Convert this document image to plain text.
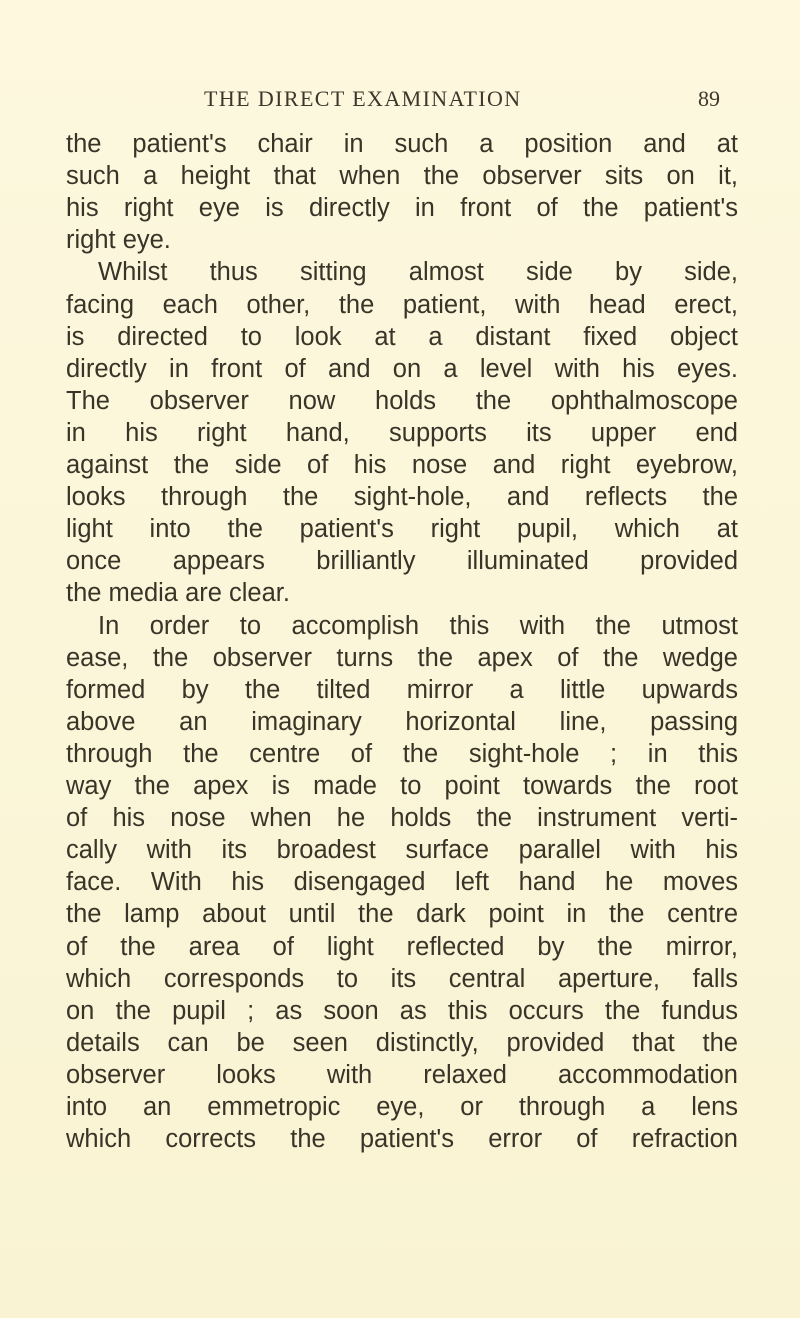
THE DIRECT EXAMINATION	89
the patient's chair in such a position and at
such a height that when the observer sits on it,
his right eye is directly in front of the patient's
right eye.
Whilst thus sitting almost side by side,
facing each other, the patient, with head erect,
is directed to look at a distant fixed object
directly in front of and on a level with his eyes.
The observer now holds the ophthalmoscope
in his right hand, supports its upper end
against the side of his nose and right eyebrow,
looks through the sight-hole, and reflects the
light into the patient's right pupil, which at
once appears brilliantly illuminated provided
the media are clear.
In order to accomplish this with the utmost
ease, the observer turns the apex of the wedge
formed by the tilted mirror a little upwards
above an imaginary horizontal line, passing
through the centre of the sight-hole ; in this
way the apex is made to point towards the root
of his nose when he holds the instrument verti-
cally with its broadest surface parallel with his
face. With his disengaged left hand he moves
the lamp about until the dark point in the centre
of the area of light reflected by the mirror,
which corresponds to its central aperture, falls
on the pupil ; as soon as this occurs the fundus
details can be seen distinctly, provided that the
observer looks with relaxed accommodation
into an emmetropic eye, or through a lens
which corrects the patient's error of refraction
